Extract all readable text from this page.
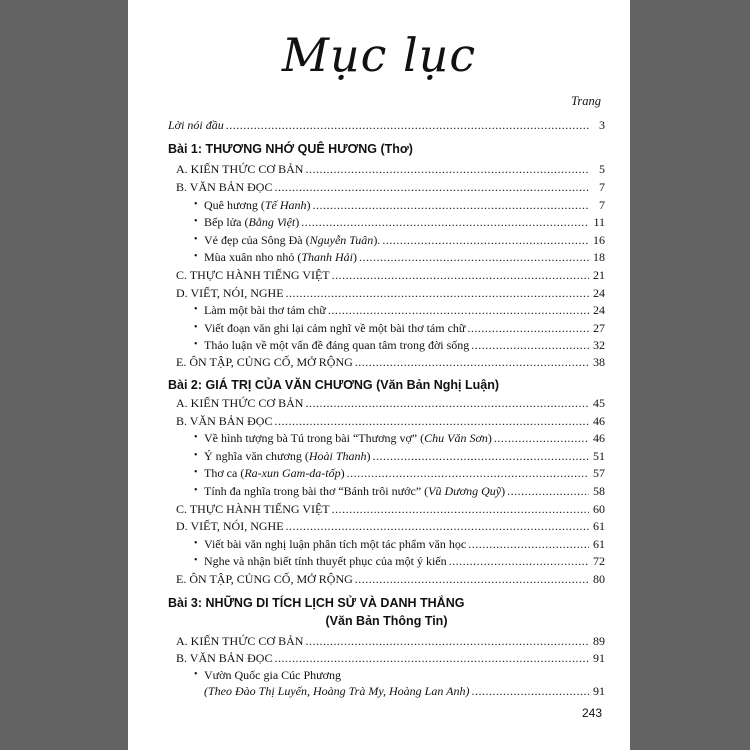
Mục lục
Trang
Lời nói đầu .....	3
Bài 1: THƯƠNG NHỚ QUÊ HƯƠNG (Thơ)
A. KIẾN THỨC CƠ BẢN .....	5
B. VĂN BẢN ĐỌC .....	7
• Quê hương (Tế Hanh) .....	7
• Bếp lửa (Bằng Việt) .....	11
• Vẻ đẹp của Sông Đà (Nguyễn Tuân). .....	16
• Mùa xuân nho nhỏ (Thanh Hải) .....	18
C. THỰC HÀNH TIẾNG VIỆT .....	21
D. VIẾT, NÓI, NGHE .....	24
• Làm một bài thơ tám chữ .....	24
• Viết đoạn văn ghi lại cảm nghĩ về một bài thơ tám chữ .....	27
• Thảo luận về một vấn đề đáng quan tâm trong đời sống .....	32
E. ÔN TẬP, CỦNG CỐ, MỞ RỘNG .....	38
Bài 2: GIÁ TRỊ CỦA VĂN CHƯƠNG (Văn Bản Nghị Luận)
A. KIẾN THỨC CƠ BẢN .....	45
B. VĂN BẢN ĐỌC .....	46
• Về hình tượng bà Tú trong bài “Thương vợ” (Chu Văn Sơn) .....	46
• Ý nghĩa văn chương (Hoài Thanh) .....	51
• Thơ ca (Ra-xun Gam-da-tốp) .....	57
• Tính đa nghĩa trong bài thơ “Bánh trôi nước” (Vũ Dương Quỹ) .....	58
C. THỰC HÀNH TIẾNG VIỆT .....	60
D. VIẾT, NÓI, NGHE .....	61
• Viết bài văn nghị luận phân tích một tác phẩm văn học .....	61
• Nghe và nhận biết tính thuyết phục của một ý kiến .....	72
E. ÔN TẬP, CỦNG CỐ, MỞ RỘNG .....	80
Bài 3: NHỮNG DI TÍCH LỊCH SỬ VÀ DANH THẮNG
(Văn Bản Thông Tin)
A. KIẾN THỨC CƠ BẢN .....	89
B. VĂN BẢN ĐỌC .....	91
• Vườn Quốc gia Cúc Phương
(Theo Đào Thị Luyến, Hoàng Trà My, Hoàng Lan Anh) .....	91
243
